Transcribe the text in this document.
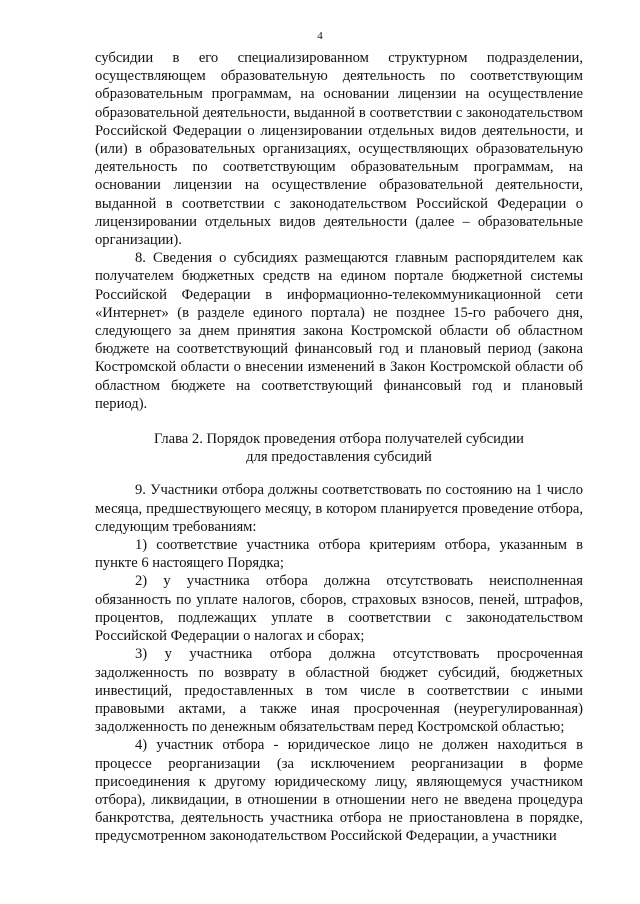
4

субсидии в его специализированном структурном подразделении, осуществляющем образовательную деятельность по соответствующим образовательным программам, на основании лицензии на осуществление образовательной деятельности, выданной в соответствии с законодательством Российской Федерации о лицензировании отдельных видов деятельности, и (или) в образовательных организациях, осуществляющих образовательную деятельность по соответствующим образовательным программам, на основании лицензии на осуществление образовательной деятельности, выданной в соответствии с законодательством Российской Федерации о лицензировании отдельных видов деятельности (далее – образовательные организации).

8. Сведения о субсидиях размещаются главным распорядителем как получателем бюджетных средств на едином портале бюджетной системы Российской Федерации в информационно-телекоммуникационной сети «Интернет» (в разделе единого портала) не позднее 15-го рабочего дня, следующего за днем принятия закона Костромской области об областном бюджете на соответствующий финансовый год и плановый период (закона Костромской области о внесении изменений в Закон Костромской области об областном бюджете на соответствующий финансовый год и плановый период).

Глава 2. Порядок проведения отбора получателей субсидии
для предоставления субсидий

9. Участники отбора должны соответствовать по состоянию на 1 число месяца, предшествующего месяцу, в котором планируется проведение отбора, следующим требованиям:

1) соответствие участника отбора критериям отбора, указанным в пункте 6 настоящего Порядка;

2) у участника отбора должна отсутствовать неисполненная обязанность по уплате налогов, сборов, страховых взносов, пеней, штрафов, процентов, подлежащих уплате в соответствии с законодательством Российской Федерации о налогах и сборах;

3) у участника отбора должна отсутствовать просроченная задолженность по возврату в областной бюджет субсидий, бюджетных инвестиций, предоставленных в том числе в соответствии с иными правовыми актами, а также иная просроченная (неурегулированная) задолженность по денежным обязательствам перед Костромской областью;

4) участник отбора - юридическое лицо не должен находиться в процессе реорганизации (за исключением реорганизации в форме присоединения к другому юридическому лицу, являющемуся участником отбора), ликвидации, в отношении в отношении него не введена процедура банкротства, деятельность участника отбора не приостановлена в порядке, предусмотренном законодательством Российской Федерации, а участники
